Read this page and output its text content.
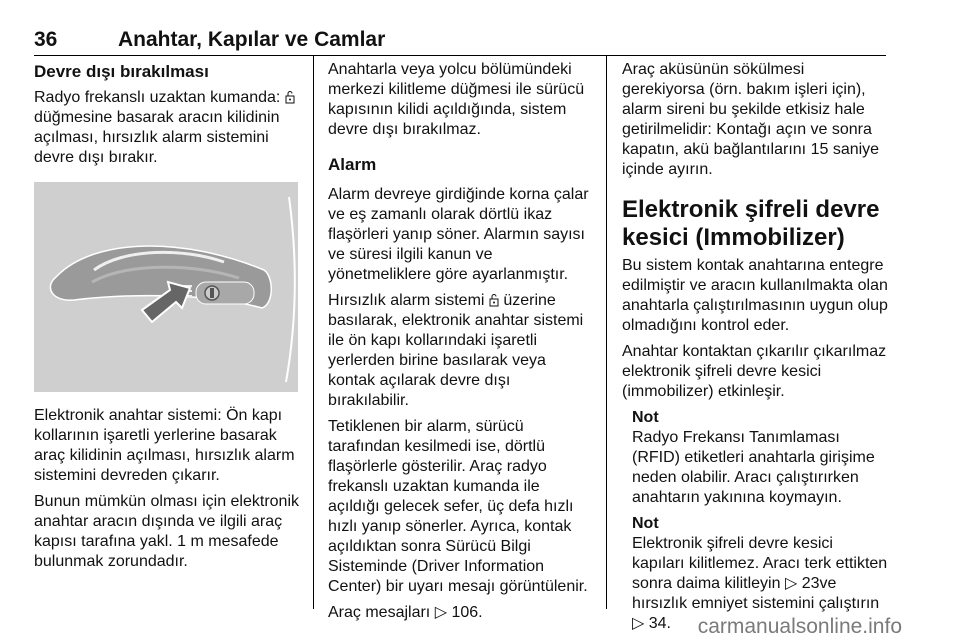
36	Anahtar, Kapılar ve Camlar
Devre dışı bırakılması

Radyo frekanslı uzaktan kumanda:  düğmesine basarak aracın kilidinin açılması, hırsızlık alarm sistemini devre dışı bırakır.

Elektronik anahtar sistemi: Ön kapı kollarının işaretli yerlerine basarak araç kilidinin açılması, hırsızlık alarm sistemini devreden çıkarır.

Bunun mümkün olması için elektronik anahtar aracın dışında ve ilgili araç kapısı tarafına yakl. 1 m mesafede bulunmak zorundadır.

Anahtarla veya yolcu bölümündeki merkezi kilitleme düğmesi ile sürücü kapısının kilidi açıldığında, sistem devre dışı bırakılmaz.

Alarm

Alarm devreye girdiğinde korna çalar ve eş zamanlı olarak dörtlü ikaz flaşörleri yanıp söner. Alarmın sayısı ve süresi ilgili kanun ve yönetmeliklere göre ayarlanmıştır.

Hırsızlık alarm sistemi  üzerine basılarak, elektronik anahtar sistemi ile ön kapı kollarındaki işaretli yerlerden birine basılarak veya kontak açılarak devre dışı bırakılabilir.

Tetiklenen bir alarm, sürücü tarafından kesilmedi ise, dörtlü flaşörlerle gösterilir. Araç radyo frekanslı uzaktan kumanda ile açıldığı gelecek sefer, üç defa hızlı hızlı yanıp sönerler. Ayrıca, kontak açıldıktan sonra Sürücü Bilgi Sisteminde (Driver Information Center) bir uyarı mesajı görüntülenir.

Araç mesajları ▷ 106.

Araç aküsünün sökülmesi gerekiyorsa (örn. bakım işleri için), alarm sireni bu şekilde etkisiz hale getirilmelidir: Kontağı açın ve sonra kapatın, akü bağlantılarını 15 saniye içinde ayırın.

Elektronik şifreli devre kesici (Immobilizer)

Bu sistem kontak anahtarına entegre edilmiştir ve aracın kullanılmakta olan anahtarla çalıştırılmasının uygun olup olmadığını kontrol eder.

Anahtar kontaktan çıkarılır çıkarılmaz elektronik şifreli devre kesici (immobilizer) etkinleşir.

Not

Radyo Frekansı Tanımlaması (RFID) etiketleri anahtarla girişime neden olabilir. Aracı çalıştırırken anahtarın yakınına koymayın.

Not

Elektronik şifreli devre kesici kapıları kilitlemez. Aracı terk ettikten sonra daima kilitleyin ▷ 23ve hırsızlık emniyet sistemini çalıştırın ▷ 34.	carmanualsonline.info
